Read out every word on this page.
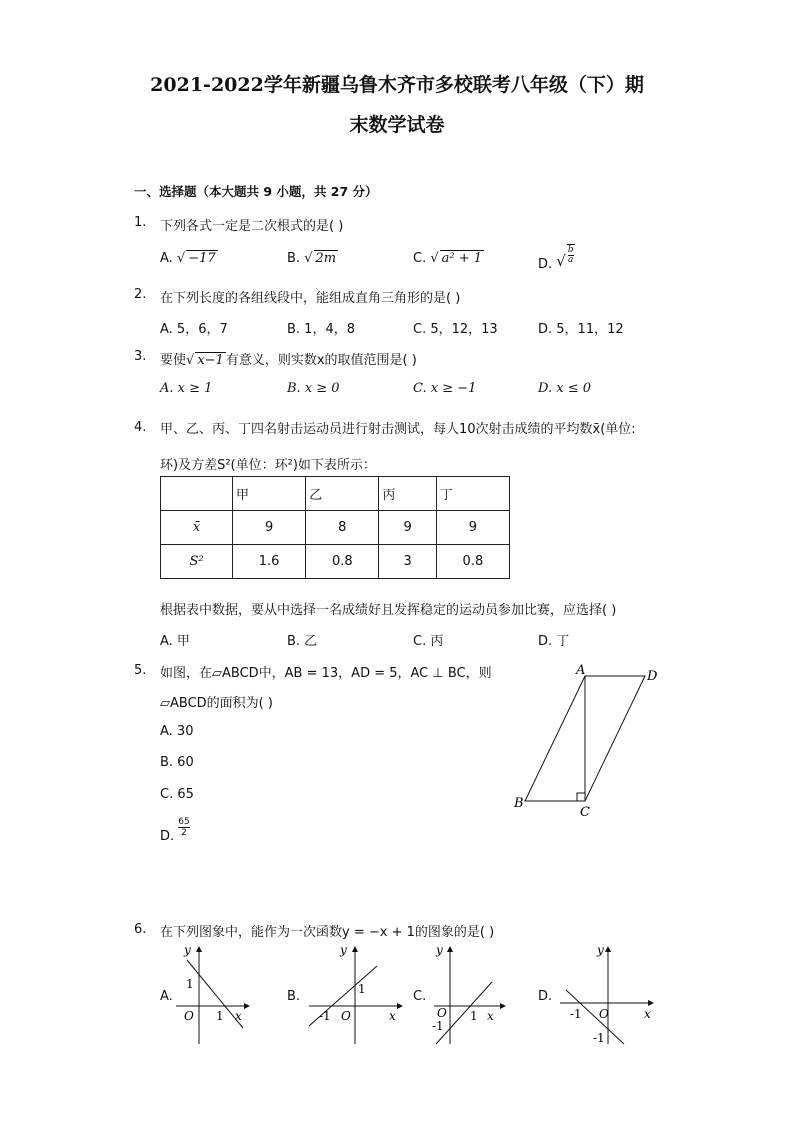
2021-2022学年新疆乌鲁木齐市多校联考八年级（下）期
末数学试卷
一、选择题（本大题共 9 小题，共 27 分）
1. 下列各式一定是二次根式的是( )
A. √ −17	B. √ 2m	C. √ a² + 1	D. √ $\frac{b}{a}$
2. 在下列长度的各组线段中，能组成直角三角形的是( )
A. 5，6，7	B. 1，4，8	C. 5，12，13	D. 5，11，12
3. 要使√ x−1 有意义，则实数x的取值范围是( )
A. x ≥ 1	B. x ≥ 0	C. x ≥ −1	D. x ≤ 0
4. 甲、乙、丙、丁四名射击运动员进行射击测试，每人10次射击成绩的平均数x̄(单位:
环)及方差S²(单位：环²)如下表所示：
	甲	乙	丙	丁
x̄	9	8	9	9
S²	1.6	0.8	3	0.8
根据表中数据，要从中选择一名成绩好且发挥稳定的运动员参加比赛，应选择( )
A. 甲	B. 乙	C. 丙	D. 丁
5. 如图，在▱ABCD中，AB = 13，AD = 5，AC ⊥ BC，则
▱ABCD的面积为( )
A. 30
B. 60
C. 65
D. $\frac{65}{2}$
A	D
B
C
6. 在下列图象中，能作为一次函数y = −x + 1的图象的是( )
A.	B.	C.	D.
y
x
O
1
1
y
x
O
1
-1
y
x
O 1
-1
y
x
O
-1
-1
